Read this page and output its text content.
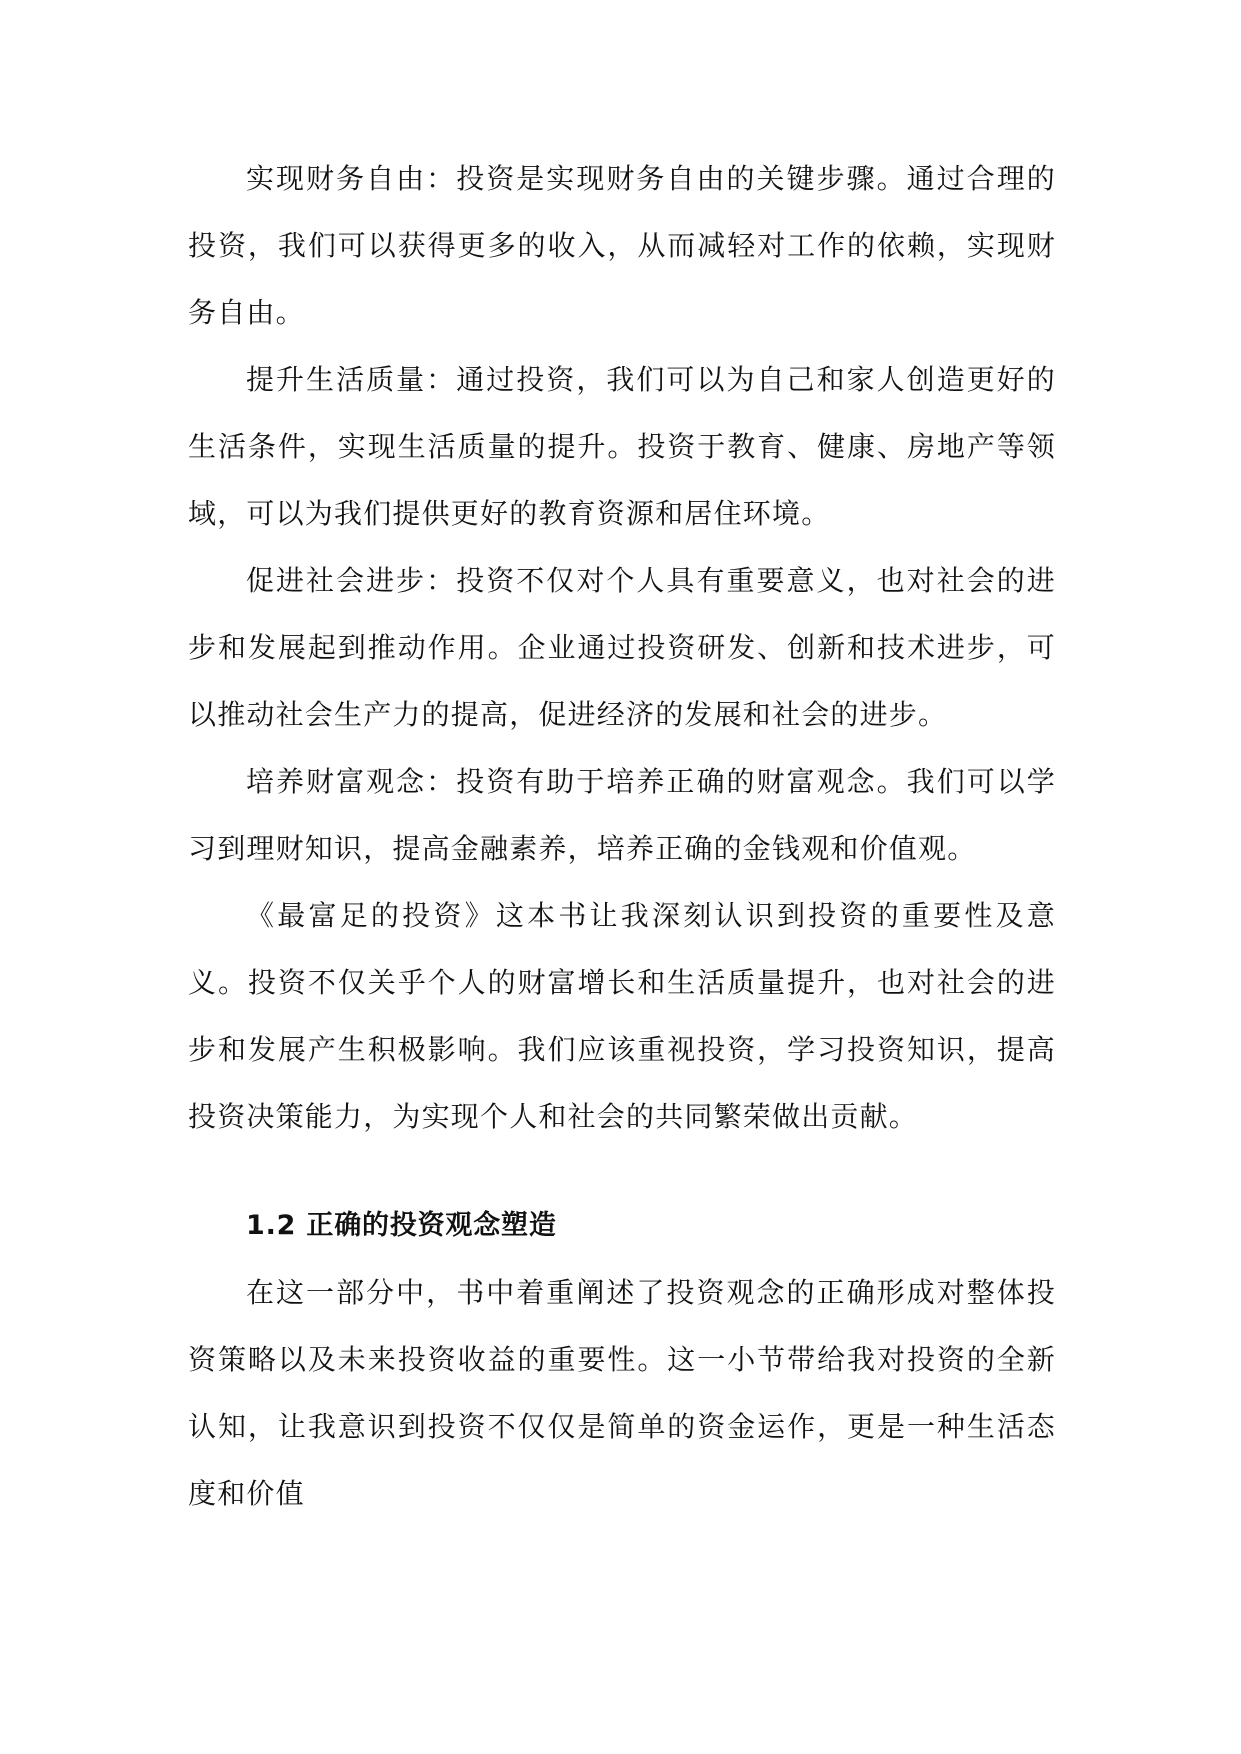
实现财务自由：投资是实现财务自由的关键步骤。通过合理的投资，我们可以获得更多的收入，从而减轻对工作的依赖，实现财务自由。

提升生活质量：通过投资，我们可以为自己和家人创造更好的生活条件，实现生活质量的提升。投资于教育、健康、房地产等领域，可以为我们提供更好的教育资源和居住环境。

促进社会进步：投资不仅对个人具有重要意义，也对社会的进步和发展起到推动作用。企业通过投资研发、创新和技术进步，可以推动社会生产力的提高，促进经济的发展和社会的进步。

培养财富观念：投资有助于培养正确的财富观念。我们可以学习到理财知识，提高金融素养，培养正确的金钱观和价值观。

《最富足的投资》这本书让我深刻认识到投资的重要性及意义。投资不仅关乎个人的财富增长和生活质量提升，也对社会的进步和发展产生积极影响。我们应该重视投资，学习投资知识，提高投资决策能力，为实现个人和社会的共同繁荣做出贡献。

1.2 正确的投资观念塑造

在这一部分中，书中着重阐述了投资观念的正确形成对整体投资策略以及未来投资收益的重要性。这一小节带给我对投资的全新认知，让我意识到投资不仅仅是简单的资金运作，更是一种生活态度和价值
